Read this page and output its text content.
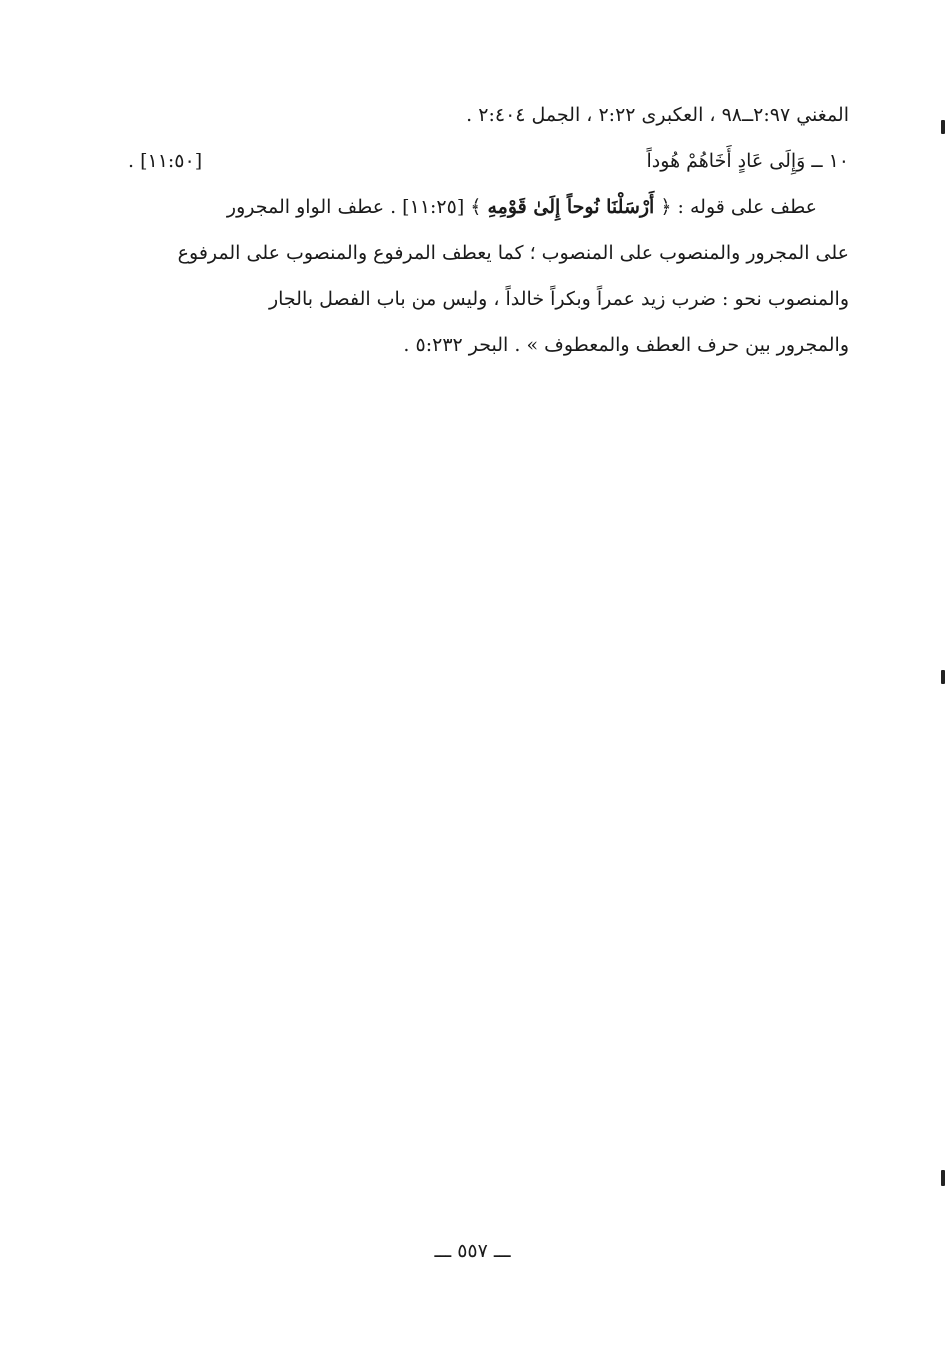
المغني ٢:٩٧ــ٩٨ ، العكبرى ٢:٢٢ ، الجمل ٢:٤٠٤ .
١٠ ــ وَإِلَى عَادٍ أَخَاهُمْ هُوداً
[١١:٥٠] .
عطف على قوله : ﴿ أَرْسَلْنَا نُوحاً إِلَىٰ قَوْمِهِ ﴾ [١١:٢٥] . عطف الواو المجرور
على المجرور والمنصوب على المنصوب ؛ كما يعطف المرفوع والمنصوب على المرفوع
والمنصوب نحو : ضرب زيد عمراً وبكراً خالداً ، وليس من باب الفصل بالجار
والمجرور بين حرف العطف والمعطوف » . البحر ٥:٢٣٢ .
ـــ ٥٥٧ ـــ
